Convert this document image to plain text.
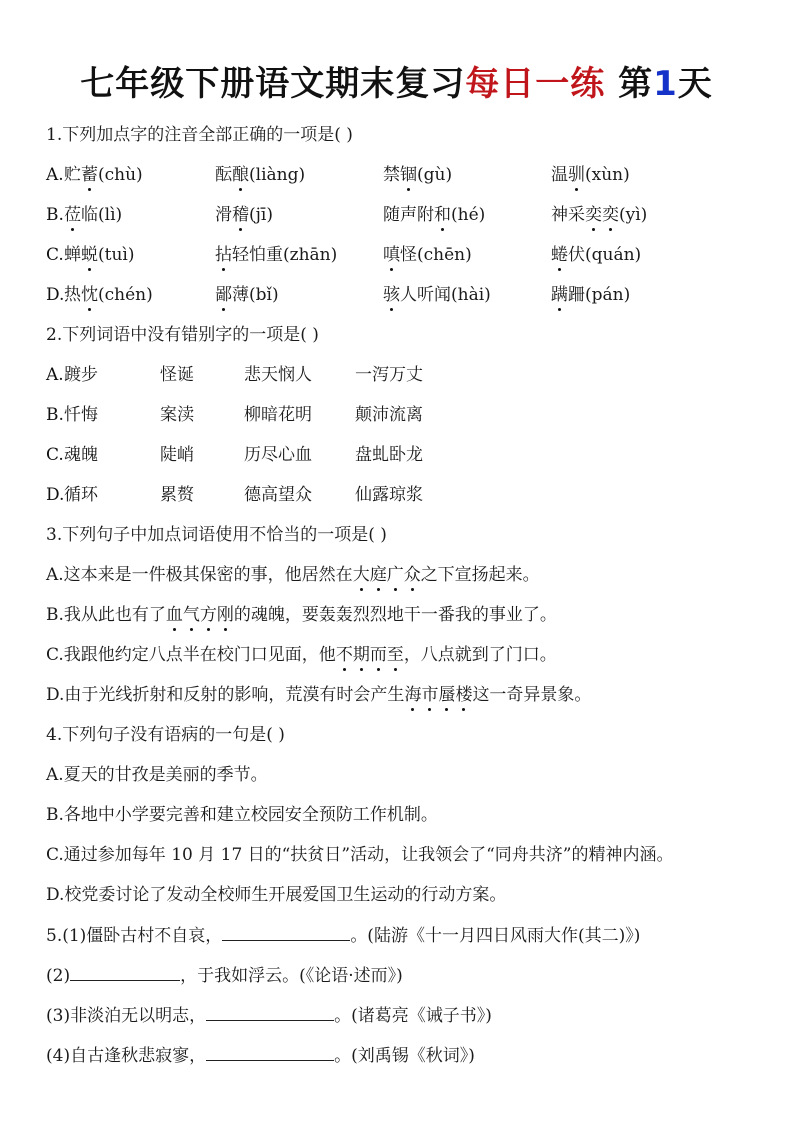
七年级下册语文期末复习每日一练 第1天
1.下列加点字的注音全部正确的一项是( )
A. 贮蓄(chù)	酝酿(liàng)	禁锢(gù)	温驯(xùn)
B. 莅临(lì)	滑稽(jī)	随声附和(hé)	神采奕奕(yì)
C. 蝉蜕(tuì)	拈轻怕重(zhān)	嗔怪(chēn)	蜷伏(quán)
D. 热忱(chén)	鄙薄(bǐ)	骇人听闻(hài)	蹒跚(pán)
2.下列词语中没有错别字的一项是( )
A. 踱步	怪诞	悲天悯人	一泻万丈
B. 忏悔	案渎	柳暗花明	颠沛流离
C. 魂魄	陡峭	历尽心血	盘虬卧龙
D. 循环	累赘	德高望众	仙露琼浆
3.下列句子中加点词语使用不恰当的一项是( )
A.这本来是一件极其保密的事，他居然在大庭广众之下宣扬起来。
B.我从此也有了血气方刚的魂魄，要轰轰烈烈地干一番我的事业了。
C.我跟他约定八点半在校门口见面，他不期而至，八点就到了门口。
D.由于光线折射和反射的影响，荒漠有时会产生海市蜃楼这一奇异景象。
4.下列句子没有语病的一句是( )
A.夏天的甘孜是美丽的季节。
B.各地中小学要完善和建立校园安全预防工作机制。
C.通过参加每年 10 月 17 日的“扶贫日”活动，让我领会了“同舟共济”的精神内涵。
D.校党委讨论了发动全校师生开展爱国卫生运动的行动方案。
5.(1)僵卧古村不自哀，	。(陆游《十一月四日风雨大作(其二)》)
(2)	，于我如浮云。(《论语·述而》)
(3)非淡泊无以明志，	。(诸葛亮《诫子书》)
(4)自古逢秋悲寂寥，	。(刘禹锡《秋词》)
